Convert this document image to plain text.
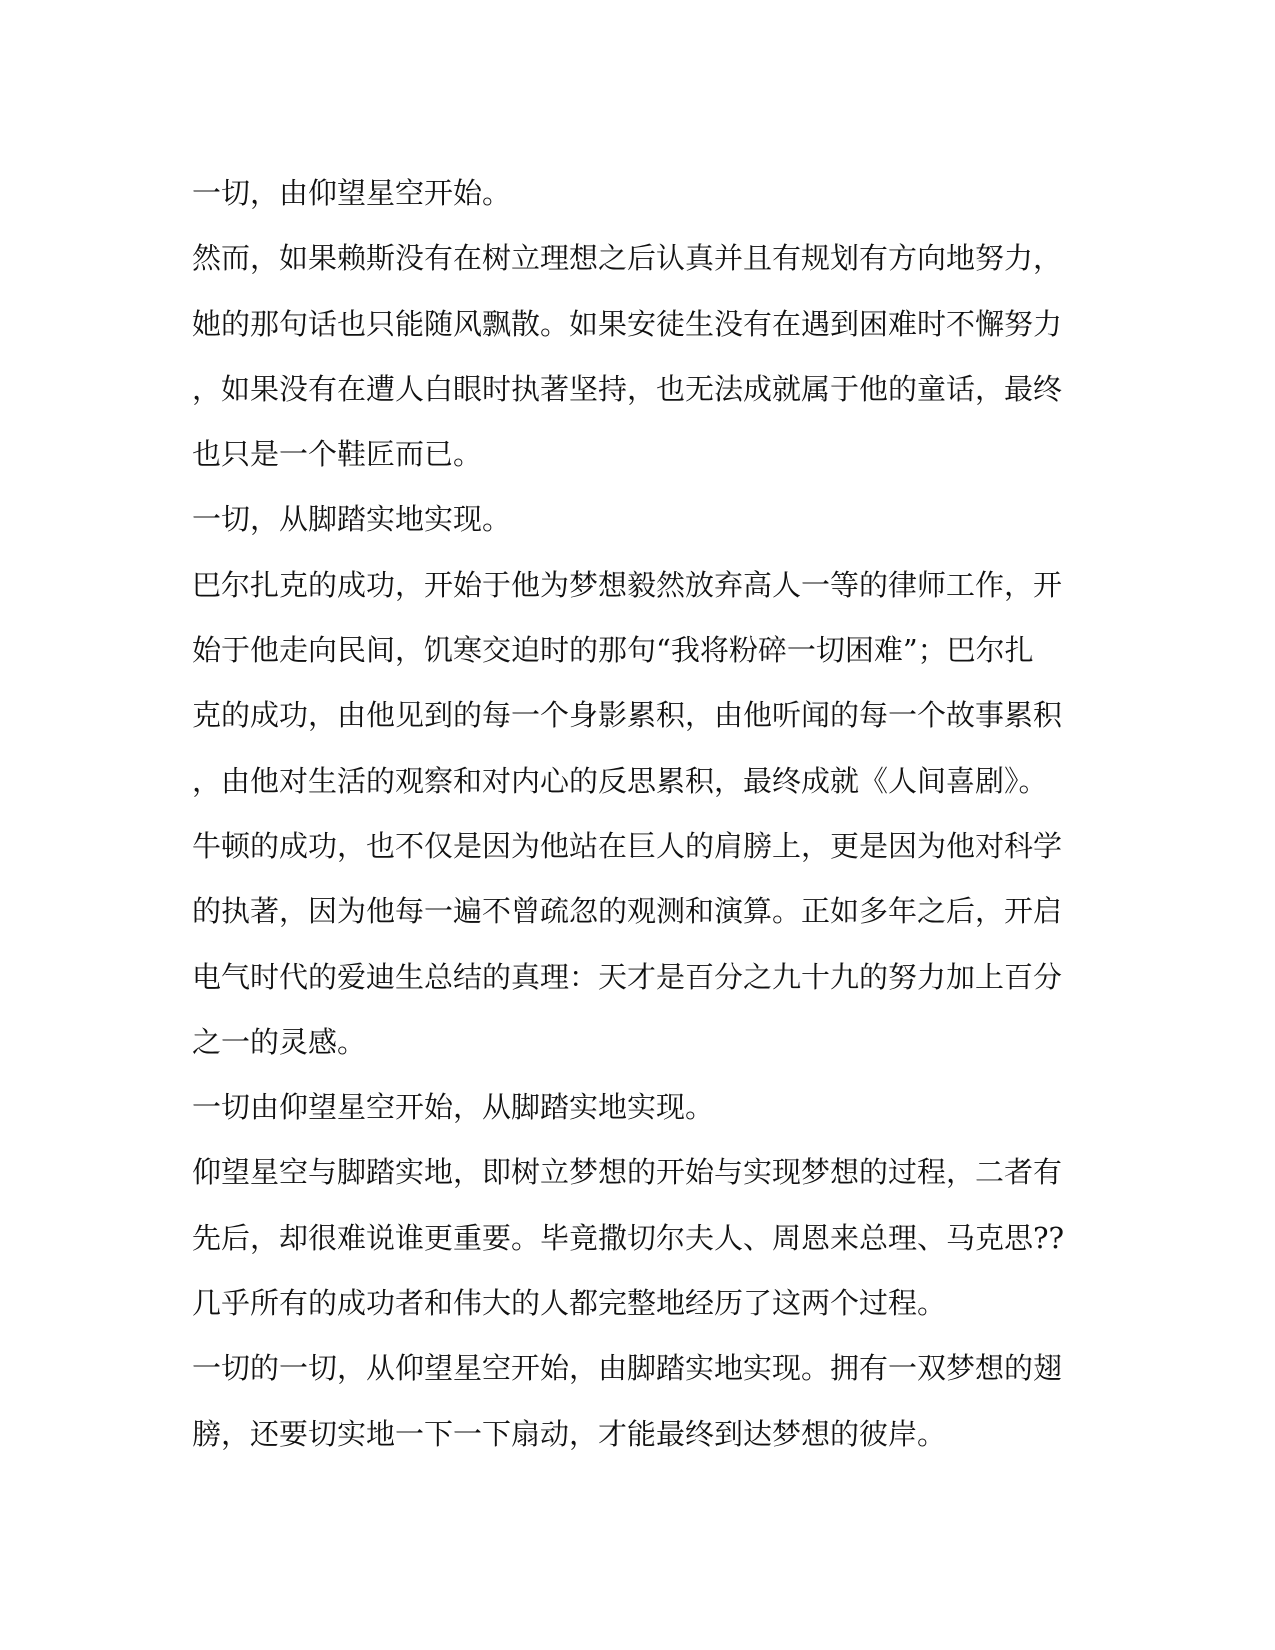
一切，由仰望星空开始。
然而，如果赖斯没有在树立理想之后认真并且有规划有方向地努力，
她的那句话也只能随风飘散。如果安徒生没有在遇到困难时不懈努力
，如果没有在遭人白眼时执著坚持，也无法成就属于他的童话，最终
也只是一个鞋匠而已。
一切，从脚踏实地实现。
巴尔扎克的成功，开始于他为梦想毅然放弃高人一等的律师工作，开
始于他走向民间，饥寒交迫时的那句“我将粉碎一切困难”；巴尔扎
克的成功，由他见到的每一个身影累积，由他听闻的每一个故事累积
，由他对生活的观察和对内心的反思累积，最终成就《人间喜剧》。
牛顿的成功，也不仅是因为他站在巨人的肩膀上，更是因为他对科学
的执著，因为他每一遍不曾疏忽的观测和演算。正如多年之后，开启
电气时代的爱迪生总结的真理：天才是百分之九十九的努力加上百分
之一的灵感。
一切由仰望星空开始，从脚踏实地实现。
仰望星空与脚踏实地，即树立梦想的开始与实现梦想的过程，二者有
先后，却很难说谁更重要。毕竟撒切尔夫人、周恩来总理、马克思??
几乎所有的成功者和伟大的人都完整地经历了这两个过程。
一切的一切，从仰望星空开始，由脚踏实地实现。拥有一双梦想的翅
膀，还要切实地一下一下扇动，才能最终到达梦想的彼岸。
